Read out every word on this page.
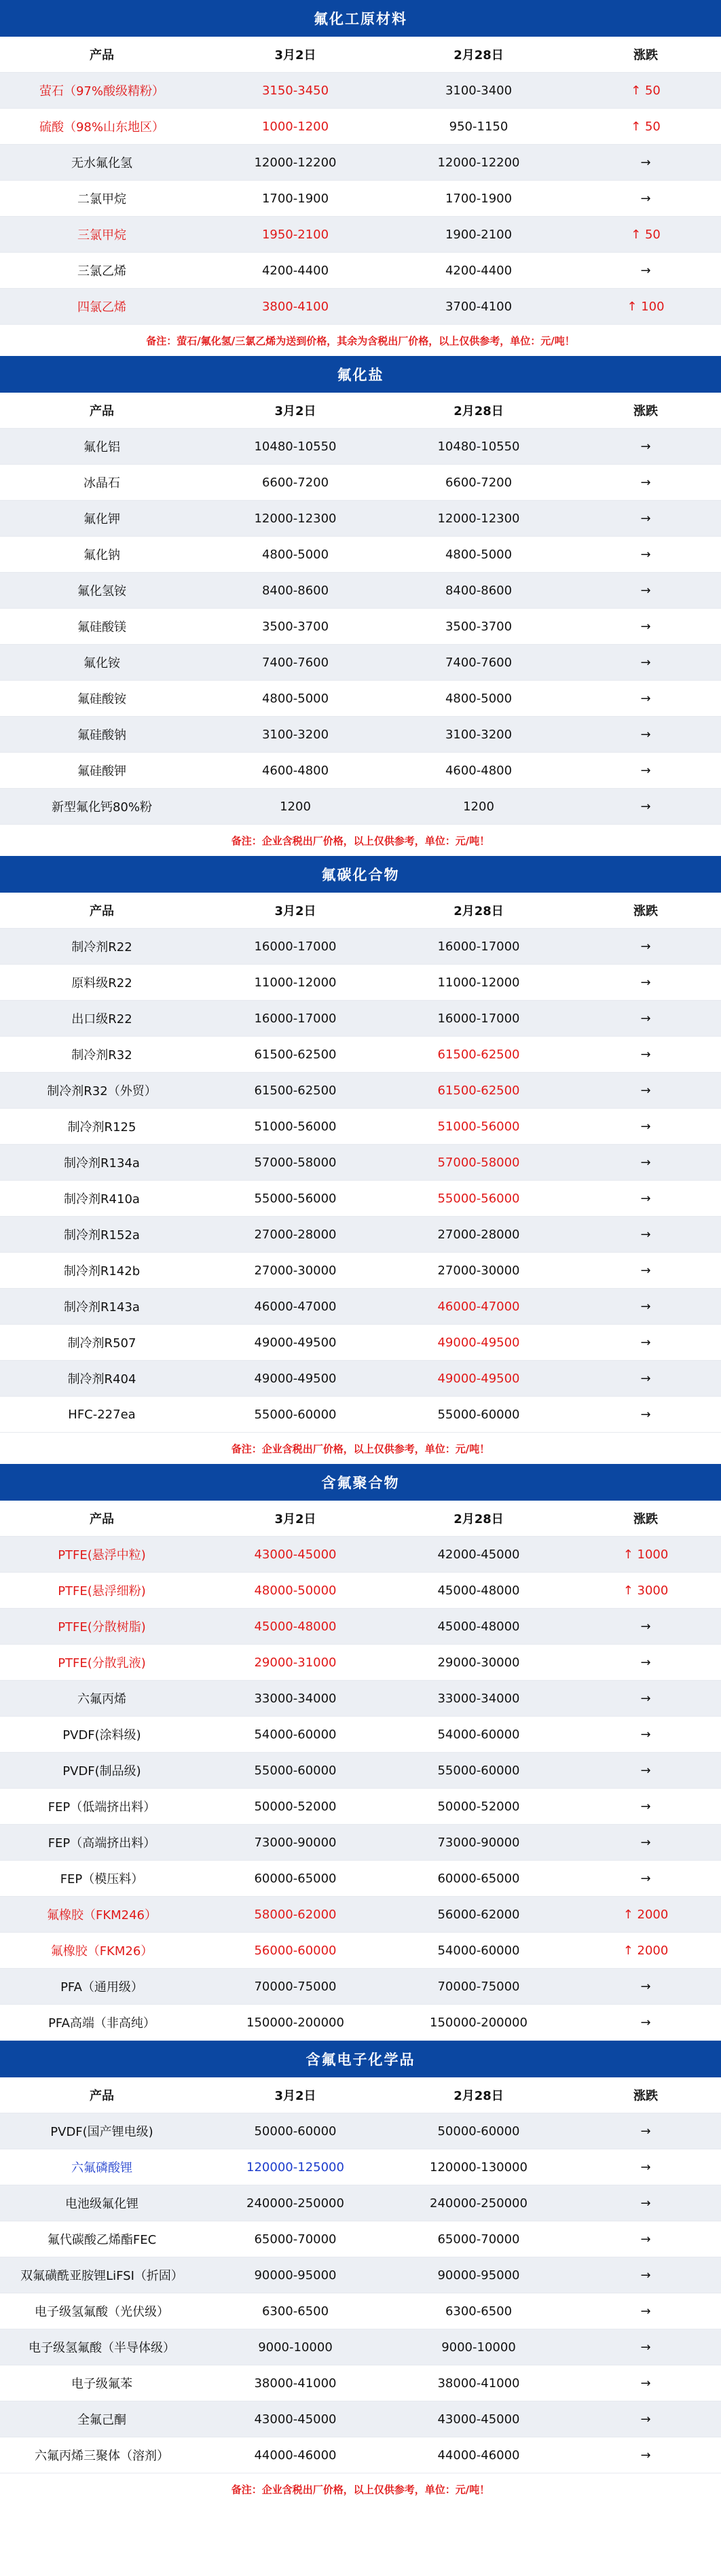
氟化工原材料
产品	3月2日	2月28日	涨跌
萤石（97%酸级精粉）	3150-3450	3100-3400	↑ 50
硫酸（98%山东地区）	1000-1200	950-1150	↑ 50
无水氟化氢	12000-12200	12000-12200	→
二氯甲烷	1700-1900	1700-1900	→
三氯甲烷	1950-2100	1900-2100	↑ 50
三氯乙烯	4200-4400	4200-4400	→
四氯乙烯	3800-4100	3700-4100	↑ 100
备注：萤石/氟化氢/三氯乙烯为送到价格，其余为含税出厂价格，以上仅供参考，单位：元/吨！
氟化盐
产品	3月2日	2月28日	涨跌
氟化铝	10480-10550	10480-10550	→
冰晶石	6600-7200	6600-7200	→
氟化钾	12000-12300	12000-12300	→
氟化钠	4800-5000	4800-5000	→
氟化氢铵	8400-8600	8400-8600	→
氟硅酸镁	3500-3700	3500-3700	→
氟化铵	7400-7600	7400-7600	→
氟硅酸铵	4800-5000	4800-5000	→
氟硅酸钠	3100-3200	3100-3200	→
氟硅酸钾	4600-4800	4600-4800	→
新型氟化钙80%粉	1200	1200	→
备注：企业含税出厂价格，以上仅供参考，单位：元/吨！
氟碳化合物
产品	3月2日	2月28日	涨跌
制冷剂R22	16000-17000	16000-17000	→
原料级R22	11000-12000	11000-12000	→
出口级R22	16000-17000	16000-17000	→
制冷剂R32	61500-62500	61500-62500	→
制冷剂R32（外贸）	61500-62500	61500-62500	→
制冷剂R125	51000-56000	51000-56000	→
制冷剂R134a	57000-58000	57000-58000	→
制冷剂R410a	55000-56000	55000-56000	→
制冷剂R152a	27000-28000	27000-28000	→
制冷剂R142b	27000-30000	27000-30000	→
制冷剂R143a	46000-47000	46000-47000	→
制冷剂R507	49000-49500	49000-49500	→
制冷剂R404	49000-49500	49000-49500	→
HFC-227ea	55000-60000	55000-60000	→
备注：企业含税出厂价格，以上仅供参考，单位：元/吨！
含氟聚合物
产品	3月2日	2月28日	涨跌
PTFE(悬浮中粒)	43000-45000	42000-45000	↑ 1000
PTFE(悬浮细粉)	48000-50000	45000-48000	↑ 3000
PTFE(分散树脂)	45000-48000	45000-48000	→
PTFE(分散乳液)	29000-31000	29000-30000	→
六氟丙烯	33000-34000	33000-34000	→
PVDF(涂料级)	54000-60000	54000-60000	→
PVDF(制品级)	55000-60000	55000-60000	→
FEP（低端挤出料）	50000-52000	50000-52000	→
FEP（高端挤出料）	73000-90000	73000-90000	→
FEP（模压料）	60000-65000	60000-65000	→
氟橡胶（FKM246）	58000-62000	56000-62000	↑ 2000
氟橡胶（FKM26）	56000-60000	54000-60000	↑ 2000
PFA（通用级）	70000-75000	70000-75000	→
PFA高端（非高纯）	150000-200000	150000-200000	→
含氟电子化学品
产品	3月2日	2月28日	涨跌
PVDF(国产锂电级)	50000-60000	50000-60000	→
六氟磷酸锂	120000-125000	120000-130000	→
电池级氟化锂	240000-250000	240000-250000	→
氟代碳酸乙烯酯FEC	65000-70000	65000-70000	→
双氟磺酰亚胺锂LiFSI（折固）	90000-95000	90000-95000	→
电子级氢氟酸（光伏级）	6300-6500	6300-6500	→
电子级氢氟酸（半导体级）	9000-10000	9000-10000	→
电子级氟苯	38000-41000	38000-41000	→
全氟己酮	43000-45000	43000-45000	→
六氟丙烯三聚体（溶剂）	44000-46000	44000-46000	→
备注：企业含税出厂价格，以上仅供参考，单位：元/吨！
